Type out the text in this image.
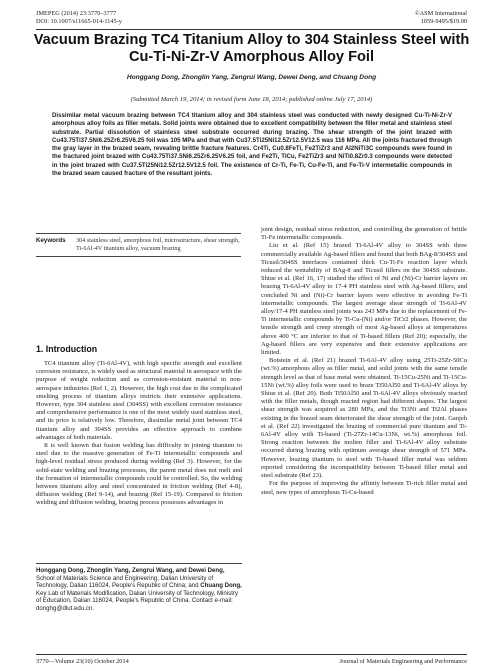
JMEPEG (2014) 23:3770–3777
DOI: 10.1007/s11665-014-1145-y
©ASM International
1059-9495/$19.00
Vacuum Brazing TC4 Titanium Alloy to 304 Stainless Steel with Cu-Ti-Ni-Zr-V Amorphous Alloy Foil
Honggang Dong, Zhonglin Yang, Zengrui Wang, Dewei Deng, and Chuang Dong
(Submitted March 19, 2014; in revised form June 18, 2014; published online July 17, 2014)
Dissimilar metal vacuum brazing between TC4 titanium alloy and 304 stainless steel was conducted with newly designed Cu-Ti-Ni-Zr-V amorphous alloy foils as filler metals. Solid joints were obtained due to excellent compatibility between the filler metal and stainless steel substrate. Partial dissolution of stainless steel substrate occurred during brazing. The shear strength of the joint brazed with Cu43.75Ti37.5Ni6.25Zr6.25V6.25 foil was 105 MPa and that with Cu37.5Ti25Ni12.5Zr12.5V12.5 was 116 MPa. All the joints fractured through the gray layer in the brazed seam, revealing brittle fracture features. Cr4Ti, Cu0.8FeTi, Fe2TiZr3 and Al2NiTi3C compounds were found in the fractured joint brazed with Cu43.75Ti37.5Ni6.25Zr6.25V6.25 foil, and Fe2Ti, TiCu, Fe2TiZr3 and NiTi0.8Zr0.3 compounds were detected in the joint brazed with Cu37.5Ti25Ni12.5Zr12.5V12.5 foil. The existence of Cr-Ti, Fe-Ti, Cu-Fe-Ti, and Fe-Ti-V intermetallic compounds in the brazed seam caused fracture of the resultant joints.
Keywords	304 stainless steel, amorphous foil, microstructure, shear strength, Ti-6Al-4V titanium alloy, vacuum brazing
1. Introduction

TC4 titanium alloy (Ti-6Al-4V), with high specific strength and excellent corrosion resistance, is widely used as structural material in aerospace with the purpose of weight reduction and as corrosion-resistant material in non-aerospace industries (Ref 1, 2). However, the high cost due to the complicated smelting process of titanium alloys restricts their extensive applications. However, type 304 stainless steel (304SS) with excellent corrosion resistance and comprehensive performance is one of the most widely used stainless steel, and its price is relatively low. Therefore, dissimilar metal joint between TC4 titanium alloy and 304SS provides an effective approach to combine advantages of both materials.

It is well known that fusion welding has difficulty in joining titanium to steel due to the massive generation of Fe-Ti intermetallic compounds and high-level residual stress produced during welding (Ref 3). However, for the solid-state welding and brazing processes, the parent metal does not melt and the formation of intermetallic compounds could be controlled. So, the welding between titanium alloy and steel concentrated in friction welding (Ref 4-8), diffusion welding (Ref 9-14), and brazing (Ref 15-19). Compared to friction welding and diffusion welding, brazing process possesses advantages in

joint design, residual stress reduction, and controlling the generation of brittle Ti-Fe intermetallic compounds.

Liu et al. (Ref 15) brazed Ti-6Al-4V alloy to 304SS with three commercially available Ag-based fillers and found that both BAg-8/304SS and Ticusil/304SS interfaces contained thick Cu-Ti-Fe reaction layer which reduced the wettability of BAg-8 and Ticusil fillers on the 304SS substrate. Shiue et al. (Ref 16, 17) studied the effect of Ni and (Ni)-Cr barrier layers on brazing Ti-6Al-4V alloy to 17-4 PH stainless steel with Ag-based fillers, and concluded Ni and (Ni)-Cr barrier layers were effective in avoiding Fe-Ti intermetallic compounds. The largest average shear strength of Ti-6Al-4V alloy/17-4 PH stainless steel joints was 243 MPa due to the replacement of Fe-Ti intermetallic compounds by Ti-Cu-(Ni) and/or TiCr2 phases. However, the tensile strength and creep strength of most Ag-based alloys at temperatures above 400 °C are inferior to that of Ti-based fillers (Ref 20); especially, the Ag-based fillers are very expensive and their extensive applications are limited.

Botstein et al. (Ref 21) brazed Ti-6Al-4V alloy using 25Ti-25Zr-50Cu (wt.%) amorphous alloy as filler metal, and solid joints with the same tensile strength level as that of base metal were obtained. Ti-15Cu-25Ni and Ti-15Cu-15Ni (wt.%) alloy foils were used to braze Ti50Al50 and Ti-6Al-4V alloys by Shiue et al. (Ref 20). Both Ti50Al50 and Ti-6Al-4V alloys obviously reacted with the filler metals, though reacted region had different shapes. The largest shear strength was acquired as 280 MPa, and the Ti3Ni and Ti2Al phases existing in the brazed seam deteriorated the shear strength of the joint. Ganjeh et al. (Ref 22) investigated the brazing of commercial pure titanium and Ti-6Al-4V alloy with Ti-based (Ti-27Zr-14Cu-13Ni, wt.%) amorphous foil. Strong reaction between the molten filler and Ti-6Al-4V alloy substrate occurred during brazing with optimum average shear strength of 571 MPa. However, brazing titanium to steel with Ti-based filler metal was seldom reported considering the incompatibility between Ti-based filler metal and steel substrate (Ref 23).

For the purpose of improving the affinity between Ti-rich filler metal and steel, new types of amorphous Ti-Cu-based

Honggang Dong, Zhonglin Yang, Zengrui Wang, and Dewei Deng, School of Materials Science and Engineering, Dalian University of Technology, Dalian 116024, People's Republic of China; and Chuang Dong, Key Lab of Materials Modification, Dalian University of Technology, Ministry of Education, Dalian 116024, People's Republic of China. Contact e-mail: donghg@dlut.edu.cn.
3770—Volume 23(10) October 2014	Journal of Materials Engineering and Performance
